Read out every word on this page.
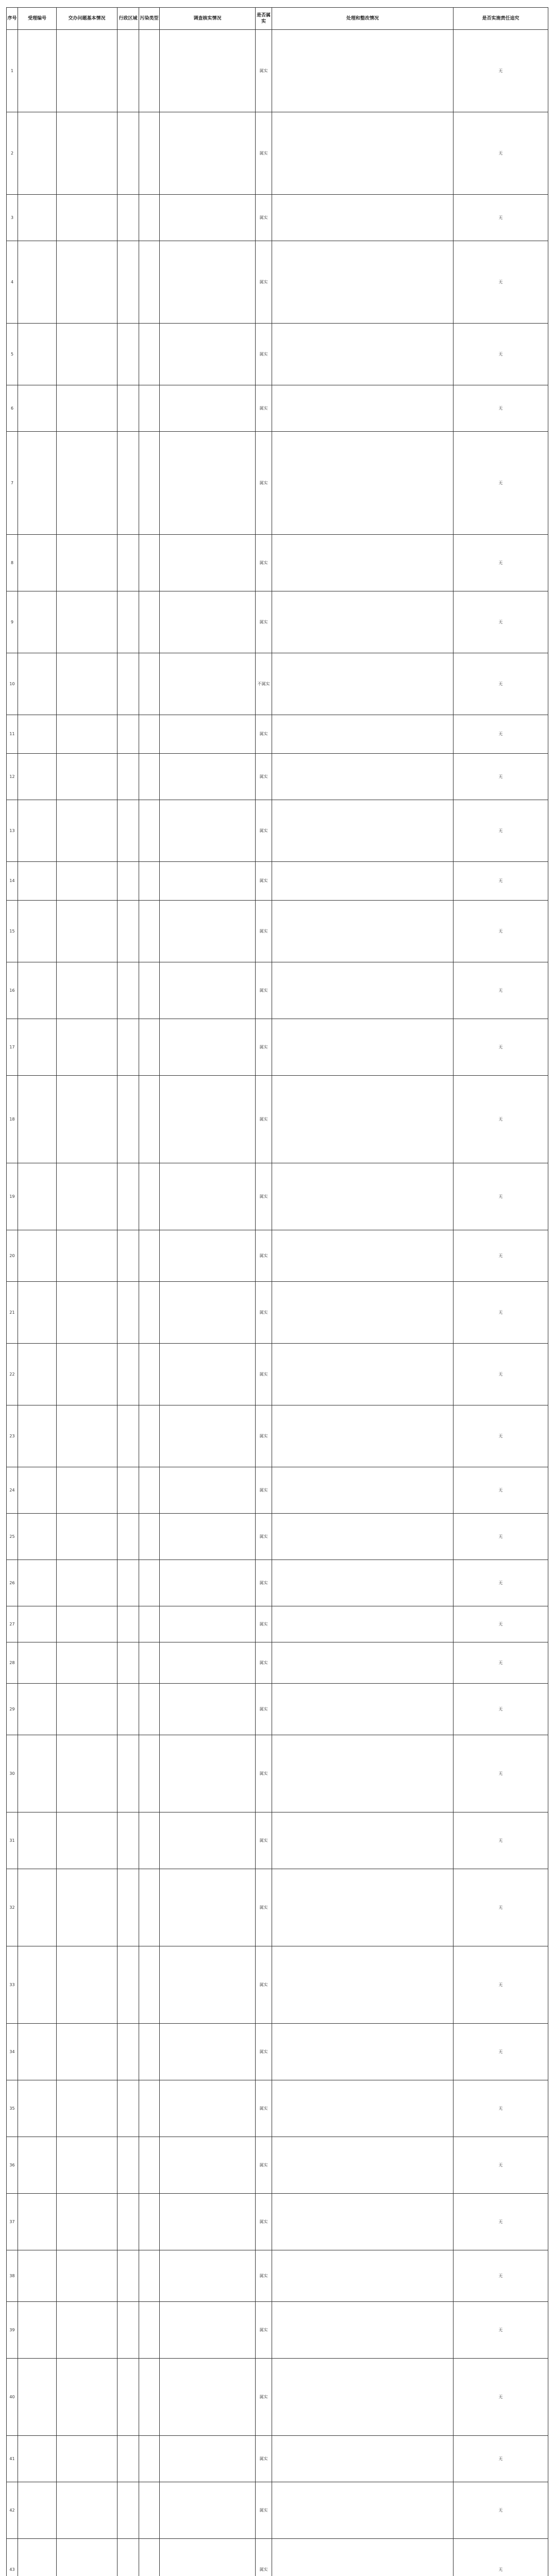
序号	受理编号	交办问题基本情况	行政区域	污染类型	调查核实情况	是否属实	处理和整改情况	是否实施责任追究
1						属实		无
2						属实		无
3						属实		无
4						属实		无
5						属实		无
6						属实		无
7						属实		无
8						属实		无
9						属实		无
10						不属实		无
11						属实		无
12						属实		无
13						属实		无
14						属实		无
15						属实		无
16						属实		无
17						属实		无
18						属实		无
19						属实		无
20						属实		无
21						属实		无
22						属实		无
23						属实		无
24						属实		无
25						属实		无
26						属实		无
27						属实		无
28						属实		无
29						属实		无
30						属实		无
31						属实		无
32						属实		无
33						属实		无
34						属实		无
35						属实		无
36						属实		无
37						属实		无
38						属实		无
39						属实		无
40						属实		无
41						属实		无
42						属实		无
43						属实		无
